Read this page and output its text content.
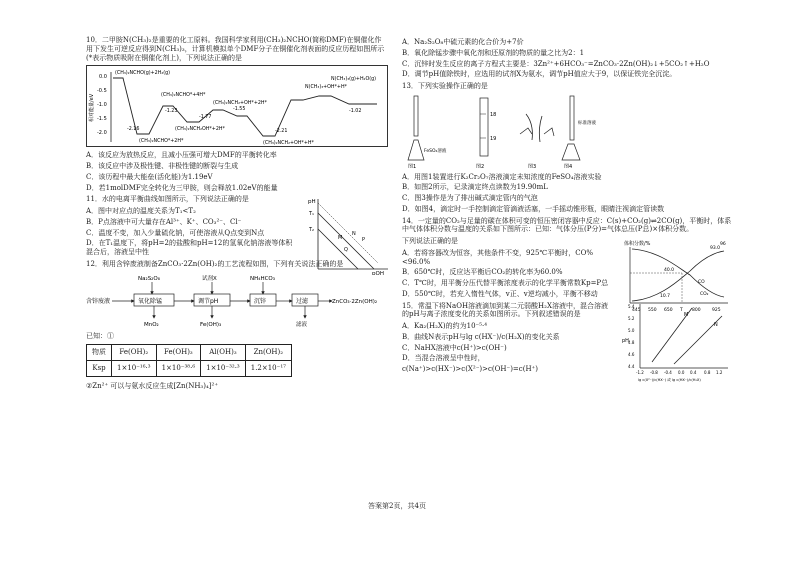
10．二甲胺N(CH₃)₂是重要的化工原料。我国科学家利用(CH₃)₂NCHO(简称DMF)在铜催化作用下发生可逆反应得到N(CH₃)₃，计算机模拟单个DMF分子在铜催化剂表面的反应历程如图所示(*表示物质吸附在铜催化剂上)，下列说法正确的是

相对能量/eV
0.0
-0.5
-1.0
-1.5
-2.0
(CH₃)₂NCHO(g)+2H₂(g)
(CH₃)₂NCHO*+2H*
(CH₃)₂NCHO*+4H*
(CH₃)₂NCH₂OH*+2H*
(CH₃)₂NCH₂+OH*+2H*
(CH₃)₂NCH₂+OH*+H*
N(CH₃)₃+OH*+H*
N(CH₃)₃(g)+H₂O(g)
-1.23
-2.16
-1.77
-1.55
-2.21
-1.02

A．该反应为放热反应，且减小压强可增大DMF的平衡转化率

B．该反应中涉及极性键、非极性键的断裂与生成

C．该历程中最大能垒(活化能)为1.19eV

D．若1molDMF完全转化为三甲胺，则会释放1.02eV的能量

11．水的电离平衡曲线如图所示，下列说法正确的是	pH
pOH
T₁
T₂
M
N
P
Q

A．图中对应点的温度关系为T₁<T₂

B．P点溶液中可大量存在Al³⁺、K⁺、CO₃²⁻、Cl⁻

C．温度不变，加入少量硫化钠，可使溶液从Q点变到N点

D．在T₁温度下，将pH=2的盐酸和pH=12的氢氧化钠溶液等体积混合后，溶液呈中性

12．利用含锌废液制备ZnCO₃·2Zn(OH)₂的工艺流程如图，下列有关说法正确的是

含锌废液	氧化除锰	调节pH	沉锌	过滤	ZnCO₃·2Zn(OH)₂
Na₂S₂O₈	试剂X	NH₄HCO₃
MnO₂	Fe(OH)₃	滤液

已知：①

物质	Fe(OH)₂	Fe(OH)₃	Al(OH)₃	Zn(OH)₂
Ksp	1×10⁻¹⁶·³	1×10⁻³⁸·⁶	1×10⁻³²·³	1.2×10⁻¹⁷

②Zn²⁺ 可以与氨水反应生成[Zn(NH₃)₄]²⁺

A．Na₂S₂O₈中硫元素的化合价为+7价

B．氧化除锰步骤中氧化剂和还原剂的物质的量之比为2：1

C．沉锌时发生反应的离子方程式主要是：3Zn²⁺+6HCO₃⁻=ZnCO₃·2Zn(OH)₂↓+5CO₂↑+H₂O

D．调节pH值除铁时，应选用的试剂X为氨水，调节pH值应大于9，以保证铁完全沉淀。

13．下列实验操作正确的是

FeSO₄溶液
图1
18
19
图2	图3
标准溶液
图4

A．用图1装置进行K₂Cr₂O₇溶液滴定未知浓度的FeSO₄溶液实验

B．如图2所示，记录滴定终点读数为19.90mL

C．图3操作是为了排出碱式滴定管内的气泡

D．如图4，滴定时一手控制滴定管滴液活塞，一手摇动锥形瓶，眼睛注视滴定管读数

14．一定量的CO₂与足量的碳在体积可变的恒压密闭容器中反应：C(s)+CO₂(g)⇌2CO(g)，平衡时，体系中气体体积分数与温度的关系如下图所示：已知：气体分压(P分)=气体总压(P总)×体积分数。

下列说法正确的是	体积分数/%
93.0
96
40.0
10.7
CO
CO₂
445 550 650 T 800	925

A．若将容器改为恒容，其他条件不变，925℃平衡时，CO%<96.0%

B．650℃时，反应达平衡后CO₂的转化率为60.0%

C．T℃时，用平衡分压代替平衡浓度表示的化学平衡常数Kp=P总

D．550℃时，若充入惰性气体，v正、v逆均减小，平衡不移动

15．常温下将NaOH溶液滴加到某二元弱酸H₂X溶液中，混合溶液的pH与离子浓度变化的关系如图所示。下列叙述错误的是

pH
5.4
5.2
5.0
4.8
4.6
4.4
M
N
-1.2 -0.8 -0.4 0.0 0.4 0.8 1.2
lg c(X²⁻)/c(HX⁻) 或 lg c(HX⁻)/c(H₂X)

A．Ka₂(H₂X)的约为10⁻⁵·⁴

B．曲线N表示pH与lg c(HX⁻)/c(H₂X)的变化关系

C．NaHX溶液中c(H⁺)>c(OH⁻)

D．当混合溶液呈中性时，

c(Na⁺)>c(HX⁻)>c(X²⁻)>c(OH⁻)=c(H⁺)

答案第2页，共4页
